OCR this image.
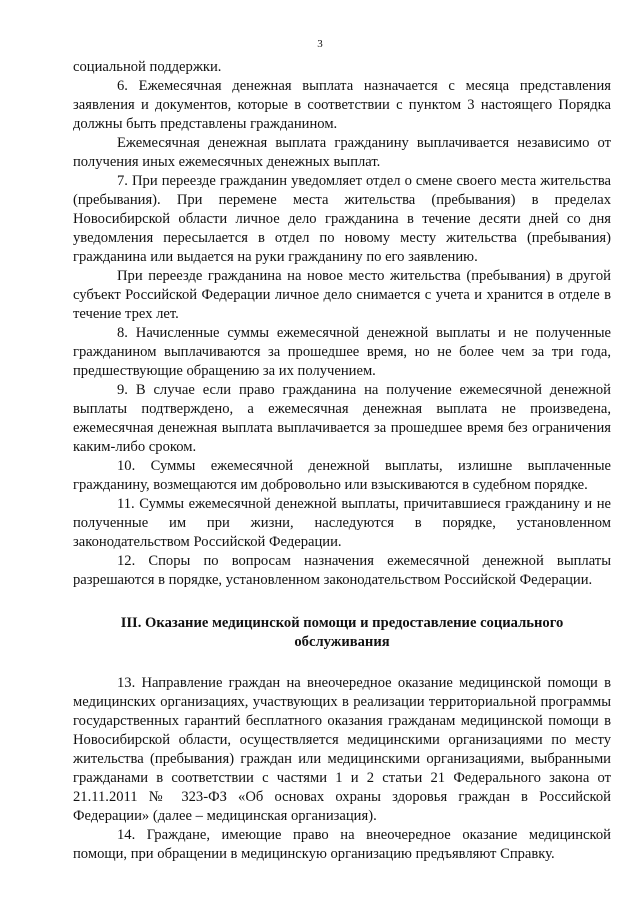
3

социальной поддержки.

6. Ежемесячная денежная выплата назначается с месяца представления заявления и документов, которые в соответствии с пунктом 3 настоящего Порядка должны быть представлены гражданином.

Ежемесячная денежная выплата гражданину выплачивается независимо от получения иных ежемесячных денежных выплат.

7. При переезде гражданин уведомляет отдел о смене своего места жительства (пребывания). При перемене места жительства (пребывания) в пределах Новосибирской области личное дело гражданина в течение десяти дней со дня уведомления пересылается в отдел по новому месту жительства (пребывания) гражданина или выдается на руки гражданину по его заявлению.

При переезде гражданина на новое место жительства (пребывания) в другой субъект Российской Федерации личное дело снимается с учета и хранится в отделе в течение трех лет.

8. Начисленные суммы ежемесячной денежной выплаты и не полученные гражданином выплачиваются за прошедшее время, но не более чем за три года, предшествующие обращению за их получением.

9. В случае если право гражданина на получение ежемесячной денежной выплаты подтверждено, а ежемесячная денежная выплата не произведена, ежемесячная денежная выплата выплачивается за прошедшее время без ограничения каким-либо сроком.

10. Суммы ежемесячной денежной выплаты, излишне выплаченные гражданину, возмещаются им добровольно или взыскиваются в судебном порядке.

11. Суммы ежемесячной денежной выплаты, причитавшиеся гражданину и не полученные им при жизни, наследуются в порядке, установленном законодательством Российской Федерации.

12. Споры по вопросам назначения ежемесячной денежной выплаты разрешаются в порядке, установленном законодательством Российской Федерации.

III. Оказание медицинской помощи и предоставление социального обслуживания

13. Направление граждан на внеочередное оказание медицинской помощи в медицинских организациях, участвующих в реализации территориальной программы государственных гарантий бесплатного оказания гражданам медицинской помощи в Новосибирской области, осуществляется медицинскими организациями по месту жительства (пребывания) граждан или медицинскими организациями, выбранными гражданами в соответствии с частями 1 и 2 статьи 21 Федерального закона от 21.11.2011 № 323-ФЗ «Об основах охраны здоровья граждан в Российской Федерации» (далее – медицинская организация).

14. Граждане, имеющие право на внеочередное оказание медицинской помощи, при обращении в медицинскую организацию предъявляют Справку.
